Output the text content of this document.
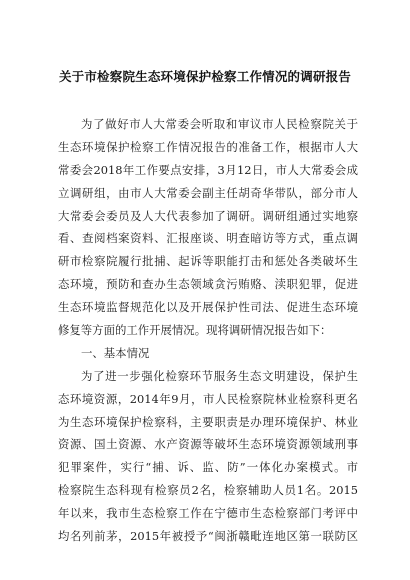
关于市检察院生态环境保护检察工作情况的调研报告
为了做好市人大常委会听取和审议市人民检察院关于
生态环境保护检察工作情况报告的准备工作，根据市人大
常委会2018年工作要点安排，3月12日，市人大常委会成
立调研组，由市人大常委会副主任胡奇华带队，部分市人
大常委会委员及人大代表参加了调研。调研组通过实地察
看、查阅档案资料、汇报座谈、明查暗访等方式，重点调
研市检察院履行批捕、起诉等职能打击和惩处各类破坏生
态环境，预防和查办生态领域贪污贿赂、渎职犯罪，促进
生态环境监督规范化以及开展保护性司法、促进生态环境
修复等方面的工作开展情况。现将调研情况报告如下：
一、基本情况
为了进一步强化检察环节服务生态文明建设，保护生
态环境资源，2014年9月，市人民检察院林业检察科更名
为生态环境保护检察科，主要职责是办理环境保护、林业
资源、国土资源、水产资源等破坏生态环境资源领域刑事
犯罪案件，实行“捕、诉、监、防”一体化办案模式。市
检察院生态科现有检察员2名，检察辅助人员1名。2015
年以来，我市生态检察工作在宁德市生态检察部门考评中
均名列前茅，2015年被授予“闽浙赣毗连地区第一联防区
